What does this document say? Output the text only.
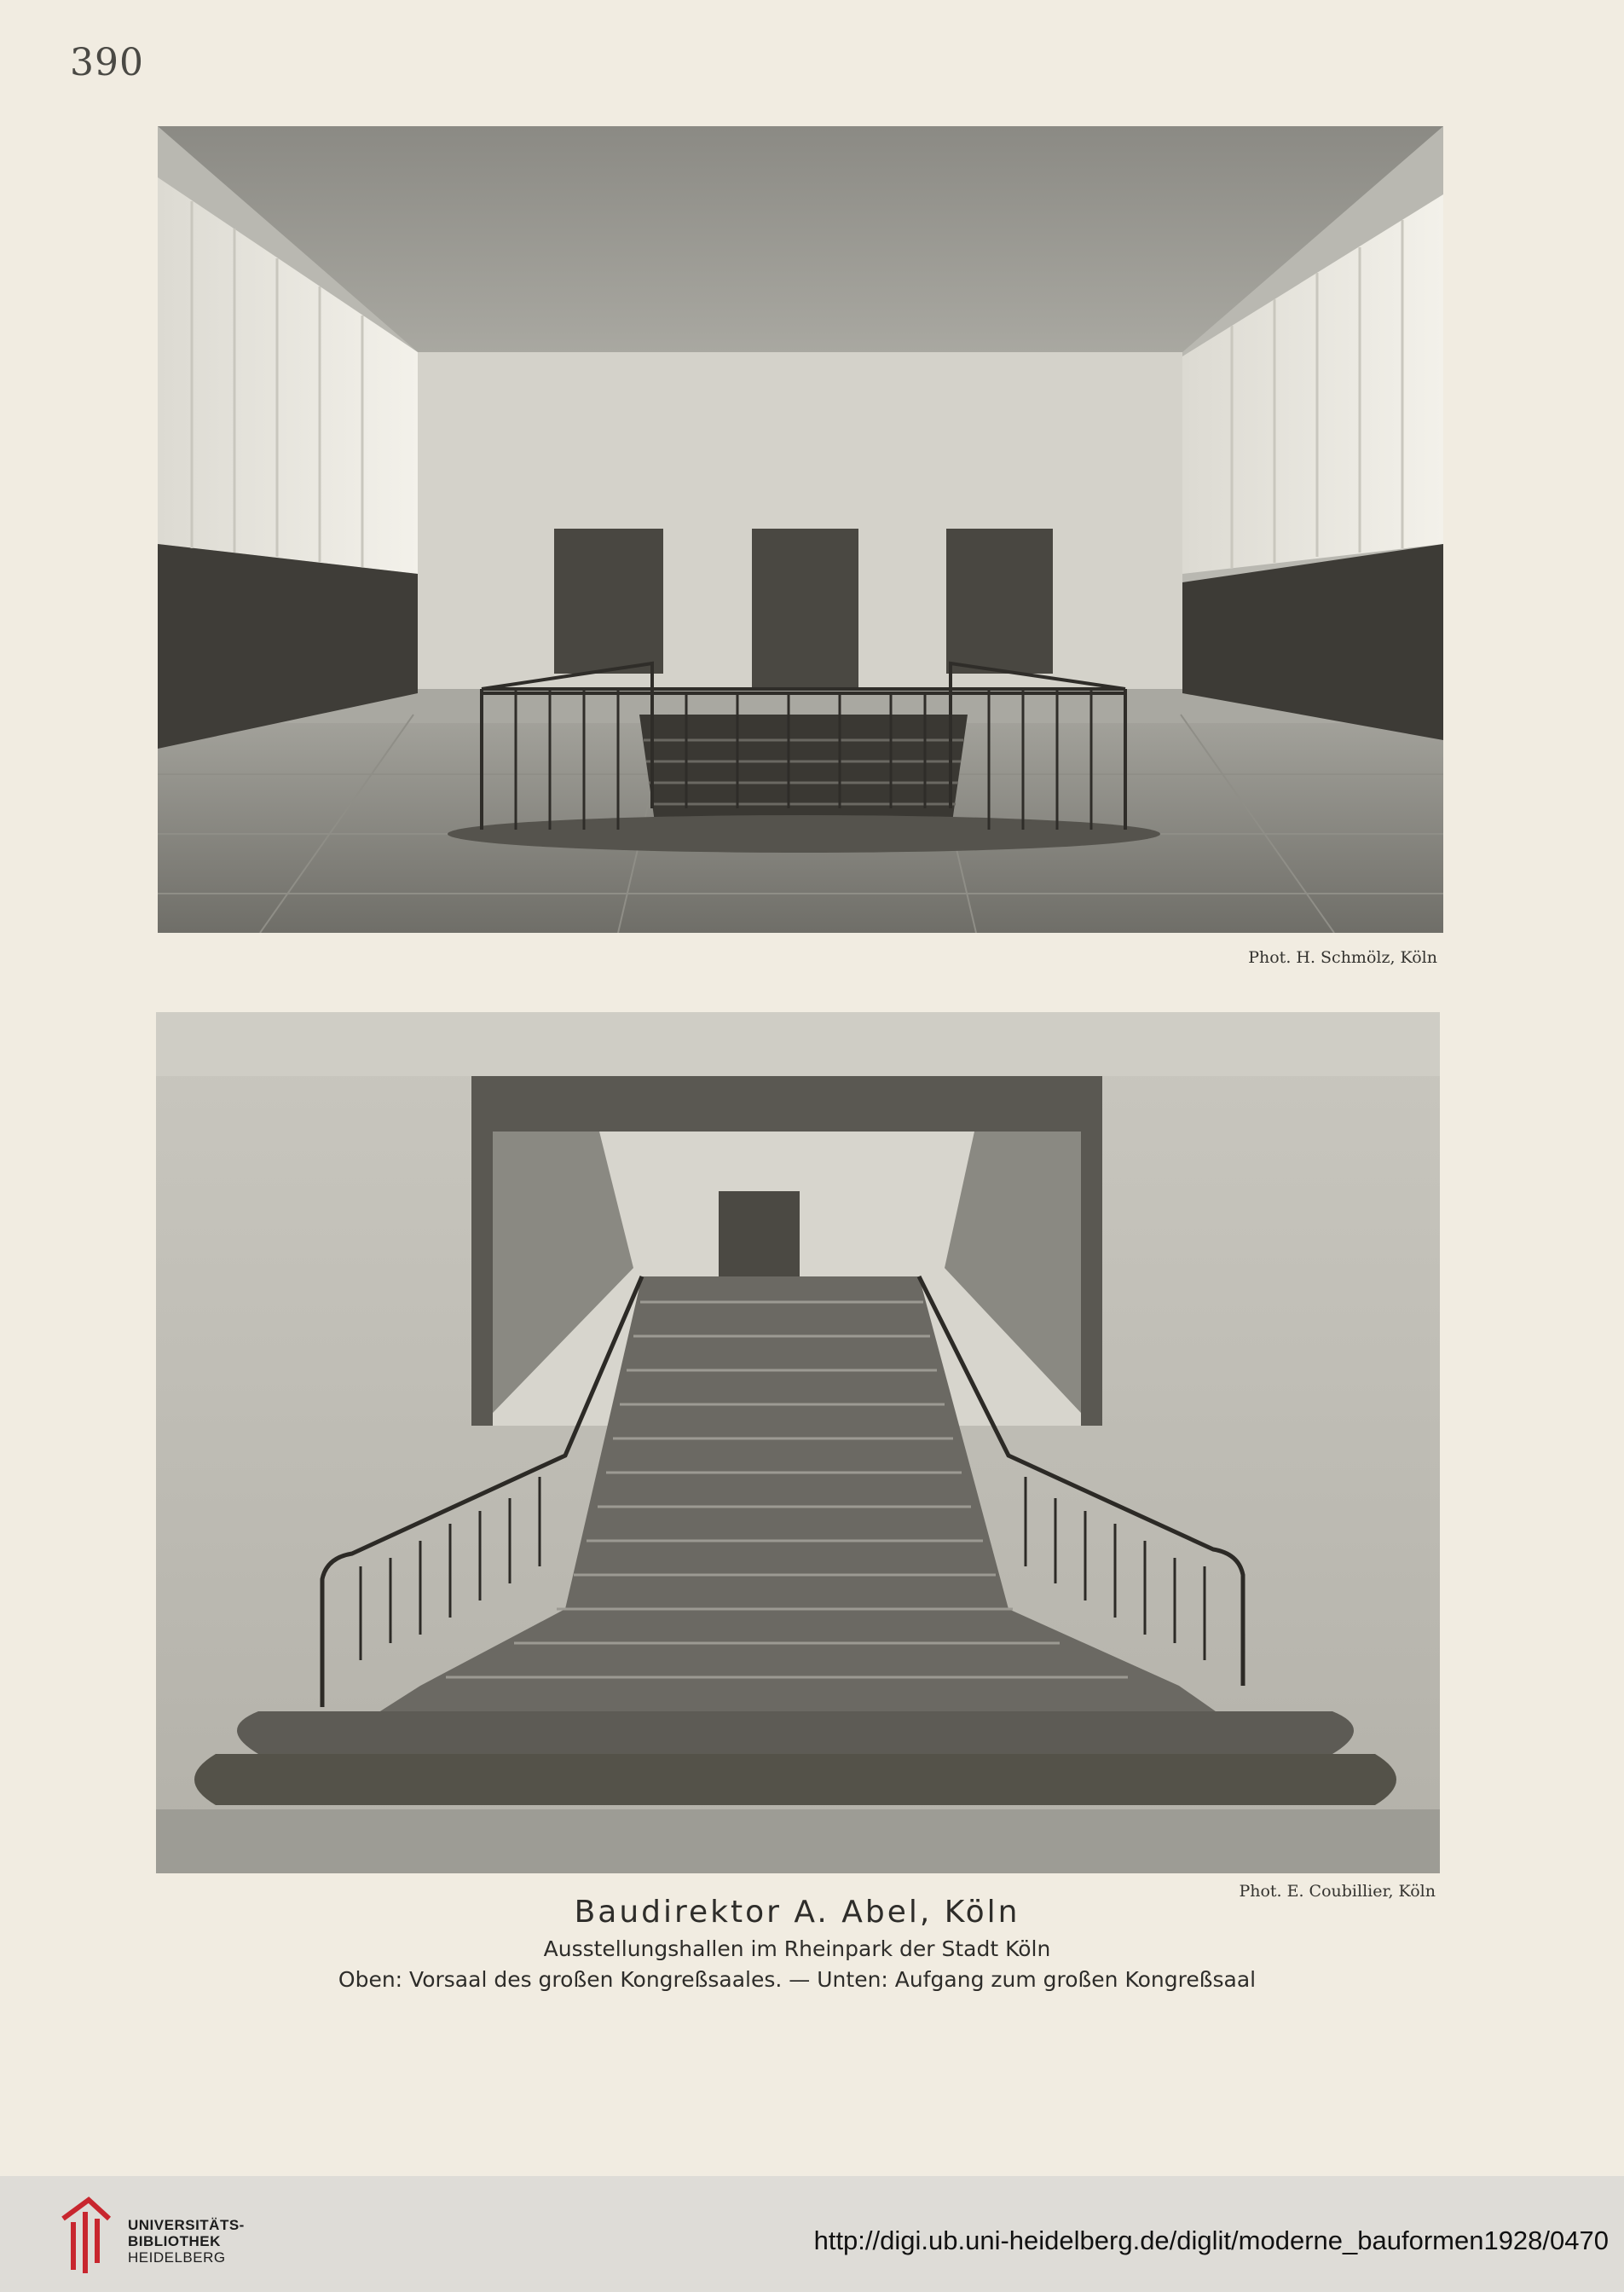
390
Phot. H. Schmölz, Köln
Phot. E. Coubillier, Köln
Baudirektor A. Abel, Köln
Ausstellungshallen im Rheinpark der Stadt Köln
Oben: Vorsaal des großen Kongreßsaales. — Unten: Aufgang zum großen Kongreßsaal
UNIVERSITÄTS-
BIBLIOTHEK
HEIDELBERG
http://digi.ub.uni-heidelberg.de/diglit/moderne_bauformen1928/0470
